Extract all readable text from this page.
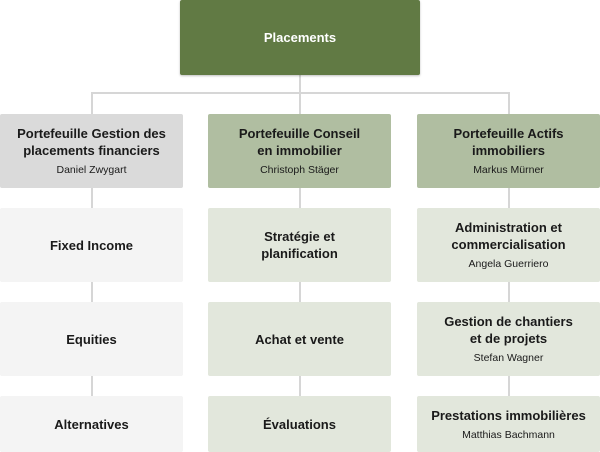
Placements
Portefeuille Gestion des
placements financiers
Daniel Zwygart
Fixed Income
Equities
Alternatives
Portefeuille Conseil
en immobilier
Christoph Stäger
Stratégie et
planification
Achat et vente
Évaluations
Portefeuille Actifs
immobiliers
Markus Mürner
Administration et
commercialisation
Angela Guerriero
Gestion de chantiers
et de projets
Stefan Wagner
Prestations immobilières
Matthias Bachmann
